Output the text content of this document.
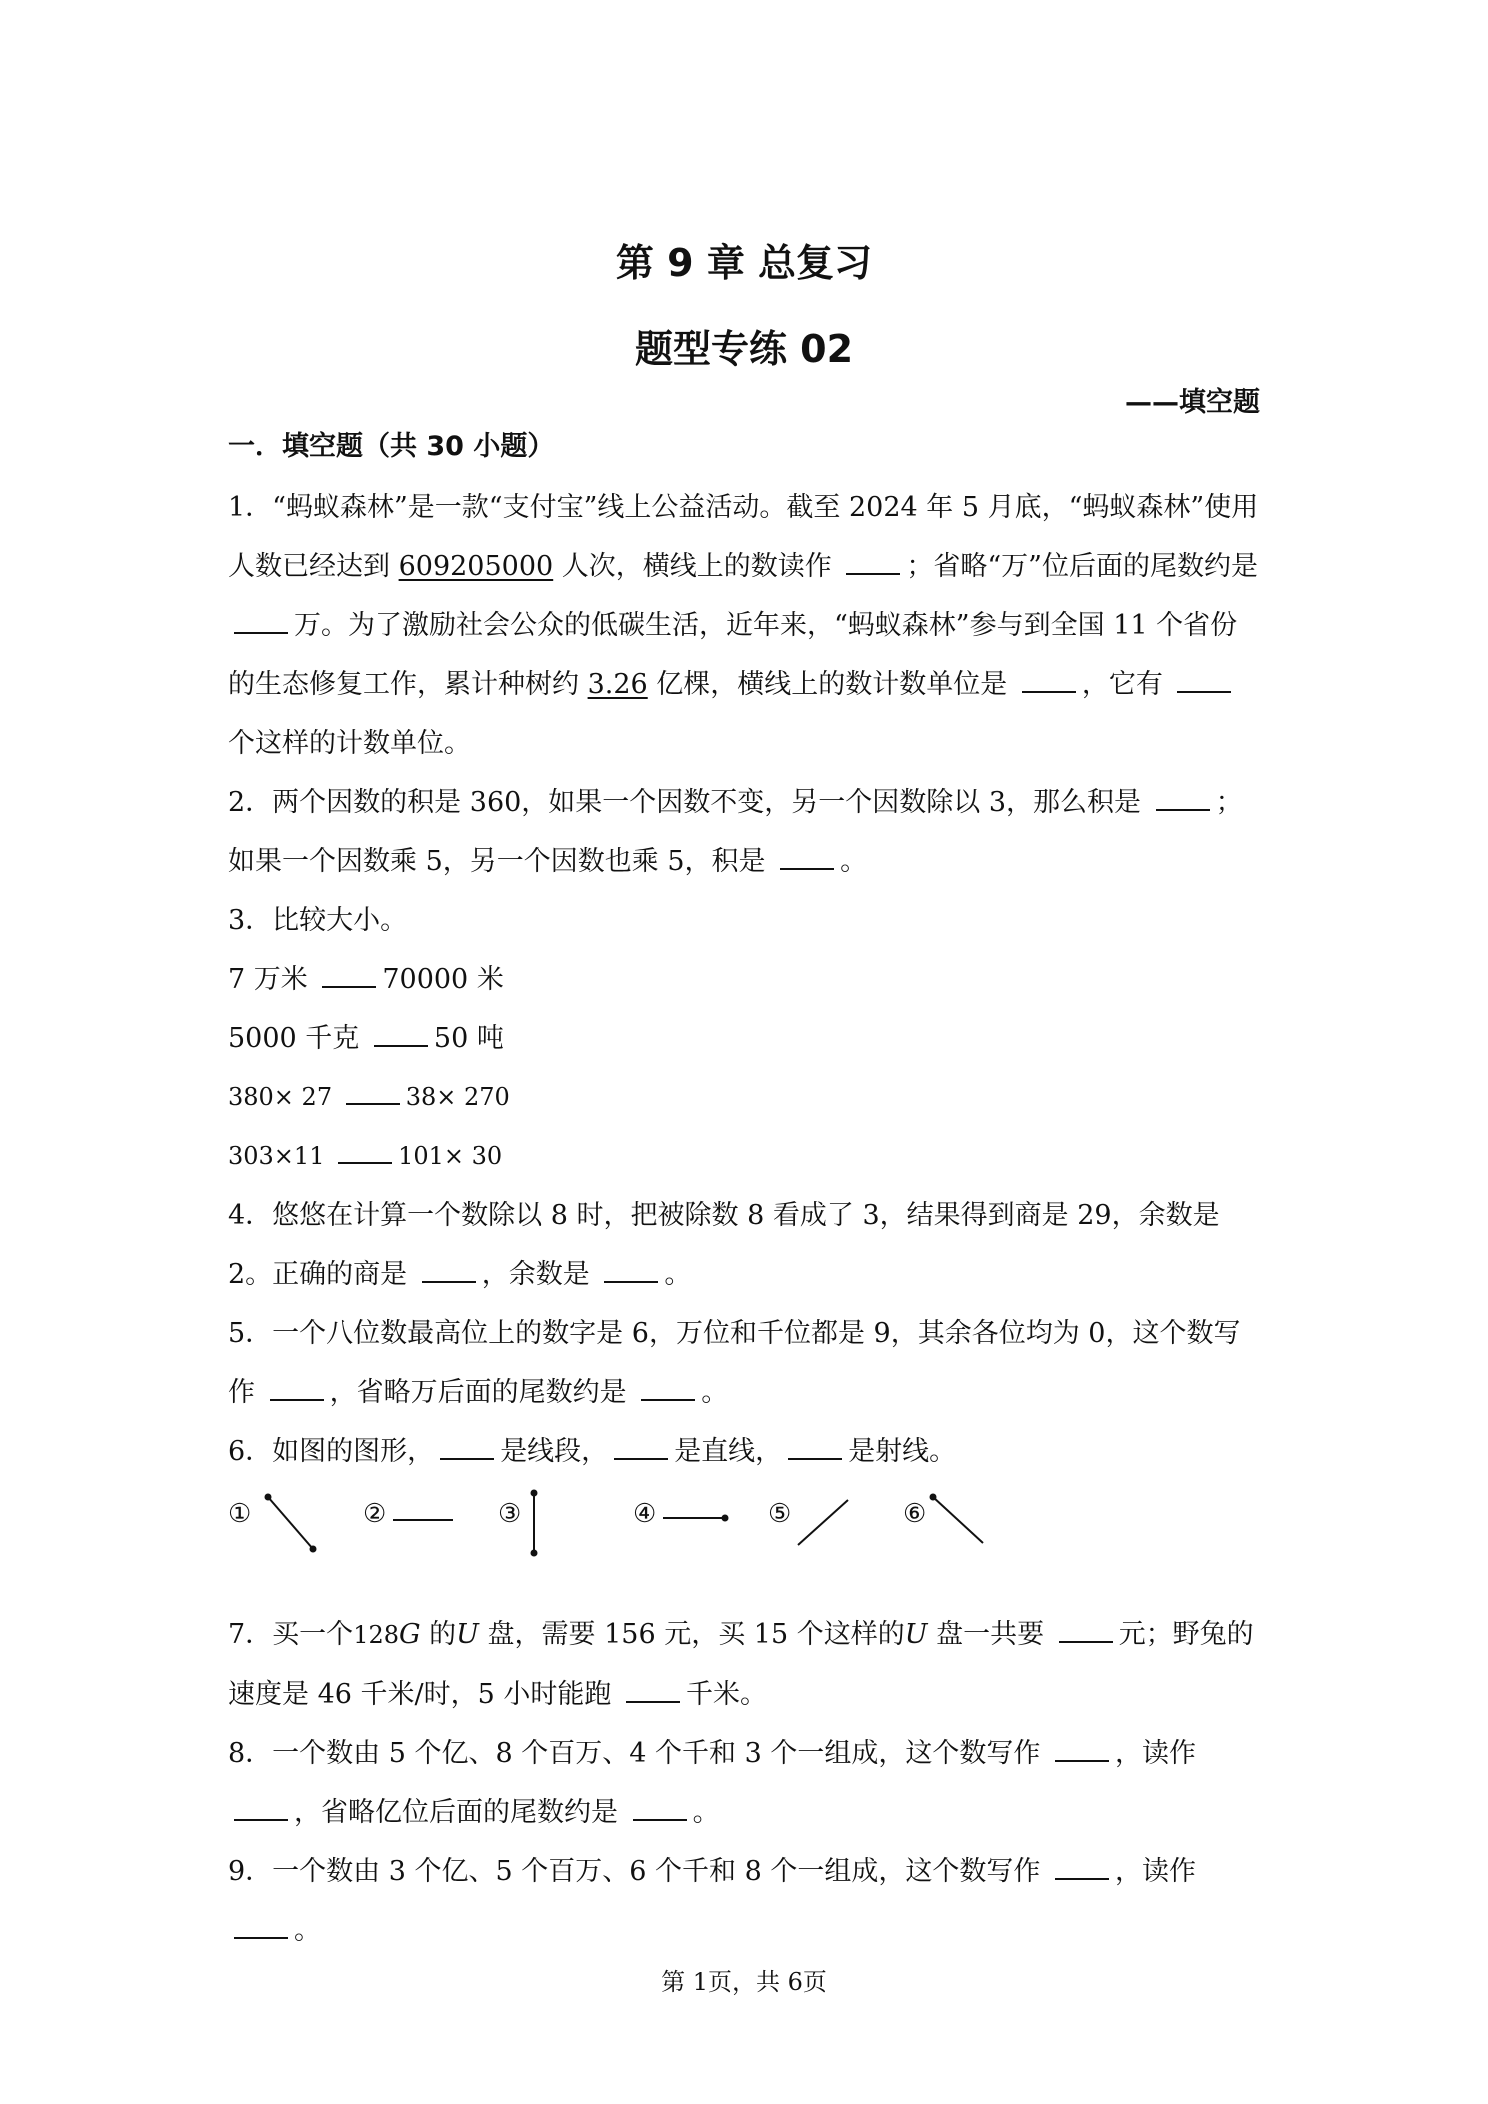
第 9 章 总复习
题型专练 02
——填空题
一．填空题（共 30 小题）

1．“蚂蚁森林”是一款“支付宝”线上公益活动。截至 2024 年 5 月底，“蚂蚁森林”使用人数已经达到 609205000 人次，横线上的数读作 ；省略“万”位后面的尾数约是 万。为了激励社会公众的低碳生活，近年来，“蚂蚁森林”参与到全国 11 个省份的生态修复工作，累计种树约 3.26 亿棵，横线上的数计数单位是 ，它有 个这样的计数单位。

2．两个因数的积是 360，如果一个因数不变，另一个因数除以 3，那么积是 ；如果一个因数乘 5，另一个因数也乘 5，积是 。

3．比较大小。

7 万米 70000 米

5000 千克 50 吨

380× 27	38× 270

303×11	101× 30

4．悠悠在计算一个数除以 8 时，把被除数 8 看成了 3，结果得到商是 29，余数是 2。正确的商是 ，余数是 。

5．一个八位数最高位上的数字是 6，万位和千位都是 9，其余各位均为 0，这个数写作 ，省略万后面的尾数约是 。

6．如图的图形， 是线段， 是直线， 是射线。

①	②	③	④	⑤	⑥

7．买一个128G 的U 盘，需要 156 元，买 15 个这样的U 盘一共要 元；野兔的速度是 46 千米/时，5 小时能跑 千米。

8．一个数由 5 个亿、8 个百万、4 个千和 3 个一组成，这个数写作 ，读作 ，省略亿位后面的尾数约是 。

9．一个数由 3 个亿、5 个百万、6 个千和 8 个一组成，这个数写作 ，读作 。

第 1页，共 6页
